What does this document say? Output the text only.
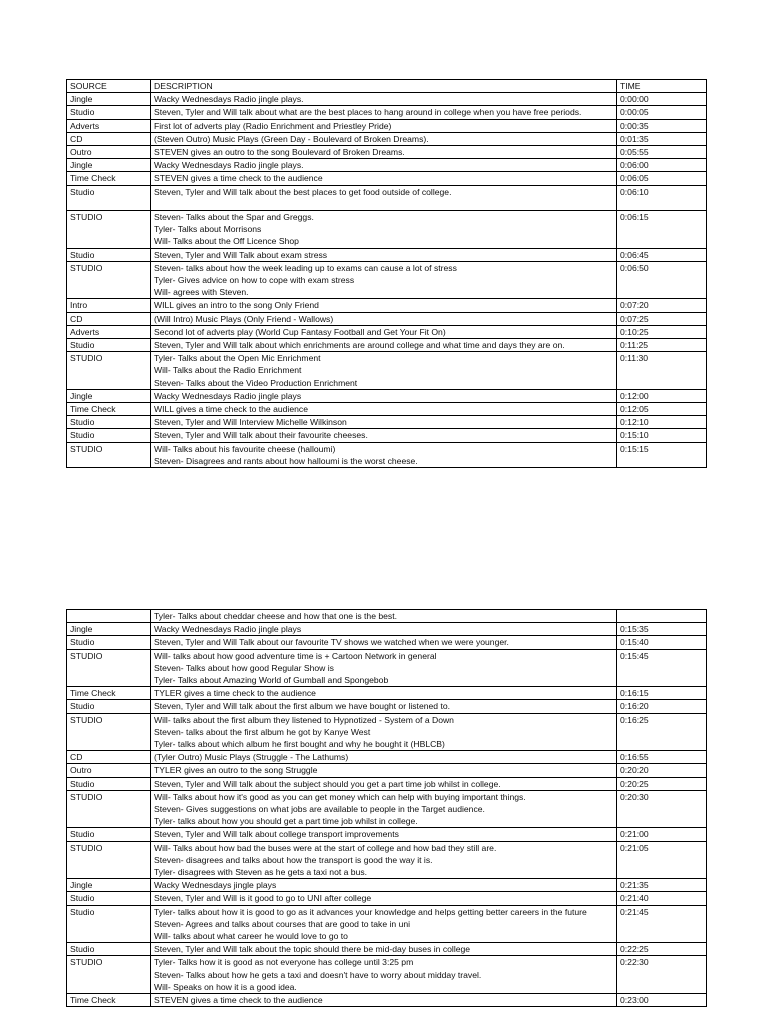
SOURCE	DESCRIPTION	TIME
Jingle	Wacky Wednesdays Radio jingle plays.	0:00:00
Studio	Steven, Tyler and Will talk about what are the best places to hang around in college when you have free periods.	0:00:05
Adverts	First lot of adverts play (Radio Enrichment and Priestley Pride)	0:00:35
CD	(Steven Outro) Music Plays (Green Day - Boulevard of Broken Dreams).	0:01:35
Outro	STEVEN gives an outro to the song Boulevard of Broken Dreams.	0:05:55
Jingle	Wacky Wednesdays Radio jingle plays.	0:06:00
Time Check	STEVEN gives a time check to the audience	0:06:05
Studio	Steven, Tyler and Will talk about the best places to get food outside of college.	0:06:10
STUDIO	Steven- Talks about the Spar and Greggs.
Tyler- Talks about Morrisons
Will- Talks about the Off Licence Shop	0:06:15
Studio	Steven, Tyler and Will Talk about exam stress	0:06:45
STUDIO	Steven- talks about how the week leading up to exams can cause a lot of stress
Tyler- Gives advice on how to cope with exam stress
Will- agrees with Steven.	0:06:50
Intro	WILL gives an intro to the song Only Friend	0:07:20
CD	(Will Intro) Music Plays (Only Friend - Wallows)	0:07:25
Adverts	Second lot of adverts play (World Cup Fantasy Football and Get Your Fit On)	0:10:25
Studio	Steven, Tyler and Will talk about which enrichments are around college and what time and days they are on.	0:11:25
STUDIO	Tyler- Talks about the Open Mic Enrichment
Will- Talks about the Radio Enrichment
Steven- Talks about the Video Production Enrichment	0:11:30
Jingle	Wacky Wednesdays Radio jingle plays	0:12:00
Time Check	WILL gives a time check to the audience	0:12:05
Studio	Steven, Tyler and Will Interview Michelle Wilkinson	0:12:10
Studio	Steven, Tyler and Will talk about their favourite cheeses.	0:15:10
STUDIO	Will- Talks about his favourite cheese (halloumi)
Steven- Disagrees and rants about how halloumi is the worst cheese.	0:15:15

	Tyler- Talks about cheddar cheese and how that one is the best.	

Jingle	Wacky Wednesdays Radio jingle plays	0:15:35
Studio	Steven, Tyler and Will Talk about our favourite TV shows we watched when we were younger.	0:15:40
STUDIO	Will- talks about how good adventure time is + Cartoon Network in general
Steven- Talks about how good Regular Show is
Tyler- Talks about Amazing World of Gumball and Spongebob	0:15:45
Time Check	TYLER gives a time check to the audience	0:16:15
Studio	Steven, Tyler and Will talk about the first album we have bought or listened to.	0:16:20
STUDIO	Will- talks about the first album they listened to Hypnotized - System of a Down
Steven- talks about the first album he got by Kanye West
Tyler- talks about which album he first bought and why he bought it (HBLCB)	0:16:25
CD	(Tyler Outro) Music Plays (Struggle - The Lathums)	0:16:55
Outro	TYLER gives an outro to the song Struggle	0:20:20
Studio	Steven, Tyler and Will talk about the subject should you get a part time job whilst in college.	0:20:25
STUDIO	Will- Talks about how it's good as you can get money which can help with buying important things.
Steven- Gives suggestions on what jobs are available to people in the Target audience.
Tyler- talks about how you should get a part time job whilst in college.	0:20:30
Studio	Steven, Tyler and Will talk about college transport improvements	0:21:00
STUDIO	Will- Talks about how bad the buses were at the start of college and how bad they still are.
Steven- disagrees and talks about how the transport is good the way it is.
Tyler- disagrees with Steven as he gets a taxi not a bus.	0:21:05
Jingle	Wacky Wednesdays jingle plays	0:21:35
Studio	Steven, Tyler and Will is it good to go to UNI after college	0:21:40
Studio	Tyler- talks about how it is good to go as it advances your knowledge and helps getting better careers in the future
Steven- Agrees and talks about courses that are good to take in uni
Will- talks about what career he would love to go to	0:21:45
Studio	Steven, Tyler and Will talk about the topic should there be mid-day buses in college	0:22:25
STUDIO	Tyler- Talks how it is good as not everyone has college until 3:25 pm
Steven- Talks about how he gets a taxi and doesn't have to worry about midday travel.
Will- Speaks on how it is a good idea.	0:22:30
Time Check	STEVEN gives a time check to the audience	0:23:00
